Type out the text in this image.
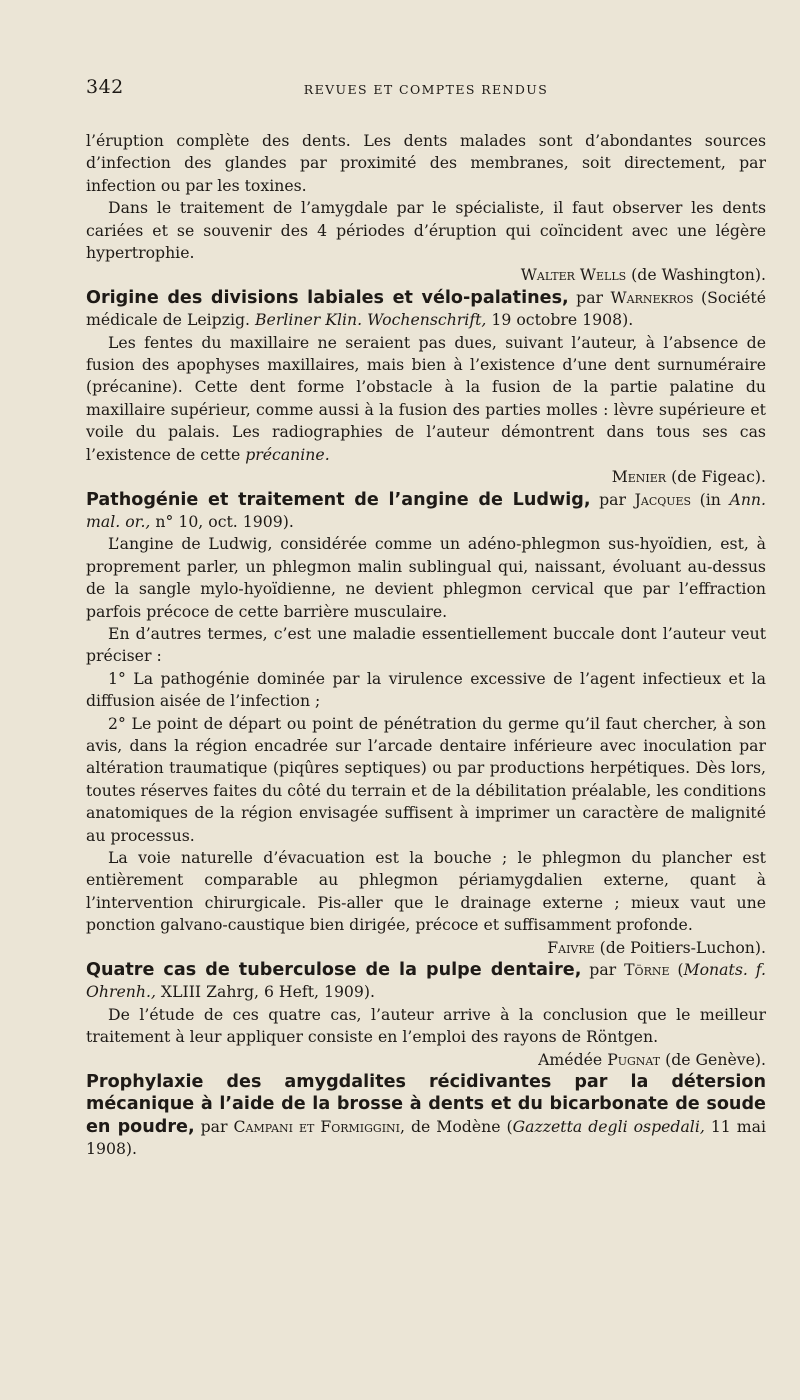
342	REVUES ET COMPTES RENDUS

l’éruption complète des dents. Les dents malades sont d’abondantes sources d’infection des glandes par proximité des membranes, soit directement, par infection ou par les toxines.

Dans le traitement de l’amygdale par le spécialiste, il faut observer les dents cariées et se souvenir des 4 périodes d’éruption qui coïncident avec une légère hypertrophie.

Walter Wells (de Washington).

Origine des divisions labiales et vélo-palatines, par Warnekros (Société médicale de Leipzig. Berliner Klin. Wochenschrift, 19 octobre 1908).

Les fentes du maxillaire ne seraient pas dues, suivant l’auteur, à l’absence de fusion des apophyses maxillaires, mais bien à l’existence d’une dent surnuméraire (précanine). Cette dent forme l’obstacle à la fusion de la partie palatine du maxillaire supérieur, comme aussi à la fusion des parties molles : lèvre supérieure et voile du palais. Les radiographies de l’auteur démontrent dans tous ses cas l’existence de cette précanine.

Menier (de Figeac).

Pathogénie et traitement de l’angine de Ludwig, par Jacques (in Ann. mal. or., n° 10, oct. 1909).

L’angine de Ludwig, considérée comme un adéno-phlegmon sus-hyoïdien, est, à proprement parler, un phlegmon malin sublingual qui, naissant, évoluant au-dessus de la sangle mylo-hyoïdienne, ne devient phlegmon cervical que par l’effraction parfois précoce de cette barrière musculaire.

En d’autres termes, c’est une maladie essentiellement buccale dont l’auteur veut préciser :

1° La pathogénie dominée par la virulence excessive de l’agent infectieux et la diffusion aisée de l’infection ;

2° Le point de départ ou point de pénétration du germe qu’il faut chercher, à son avis, dans la région encadrée sur l’arcade dentaire inférieure avec inoculation par altération traumatique (piqûres septiques) ou par productions herpétiques. Dès lors, toutes réserves faites du côté du terrain et de la débilitation préalable, les conditions anatomiques de la région envisagée suffisent à imprimer un caractère de malignité au processus.

La voie naturelle d’évacuation est la bouche ; le phlegmon du plancher est entièrement comparable au phlegmon périamygdalien externe, quant à l’intervention chirurgicale. Pis-aller que le drainage externe ; mieux vaut une ponction galvano-caustique bien dirigée, précoce et suffisamment profonde.

Faivre (de Poitiers-Luchon).

Quatre cas de tuberculose de la pulpe dentaire, par Törne (Monats. f. Ohrenh., XLIII Zahrg, 6 Heft, 1909).

De l’étude de ces quatre cas, l’auteur arrive à la conclusion que le meilleur traitement à leur appliquer consiste en l’emploi des rayons de Röntgen.

Amédée Pugnat (de Genève).

Prophylaxie des amygdalites récidivantes par la détersion mécanique à l’aide de la brosse à dents et du bicarbonate de soude en poudre, par Campani et Formiggini, de Modène (Gazzetta degli ospedali, 11 mai 1908).
